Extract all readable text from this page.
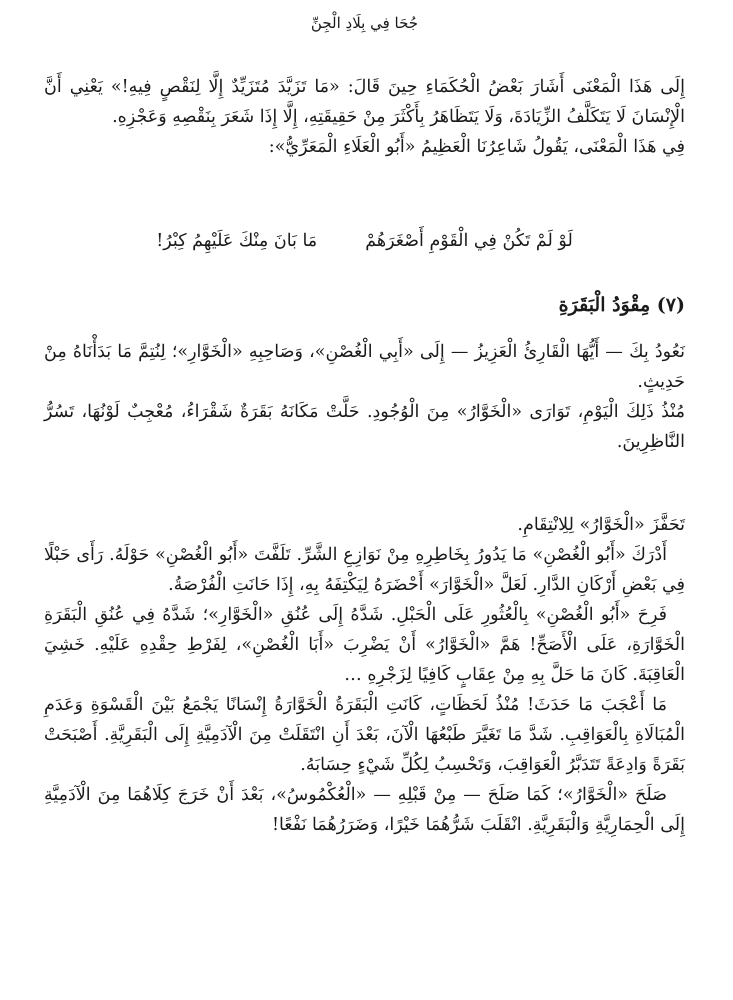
جُحَا فِي بِلَادِ الْجِنِّ

إِلَى هَذَا الْمَعْنَى أَشَارَ بَعْضُ الْحُكَمَاءِ حِينَ قَالَ: «مَا تَزَيَّدَ مُتَزَيِّدٌ إِلَّا لِنَقْصٍ فِيهِ!» يَعْنِي أَنَّ الْإِنْسَانَ لَا يَتَكَلَّفُ الزِّيَادَةَ، وَلَا يَتَظَاهَرُ بِأَكْثَرَ مِنْ حَقِيقَتِهِ، إِلَّا إِذَا شَعَرَ بِنَقْصِهِ وَعَجْزِهِ.

فِي هَذَا الْمَعْنَى، يَقُولُ شَاعِرُنَا الْعَظِيمُ «أَبُو الْعَلَاءِ الْمَعَرِّيُّ»:

لَوْ لَمْ تَكُنْ فِي الْقَوْمِ أَصْغَرَهُمْ
مَا بَانَ مِنْكَ عَلَيْهِمُ كِبْرُ!
(٧) مِقْوَدُ الْبَقَرَةِ

نَعُودُ بِكَ — أَيُّهَا الْقَارِئُ الْعَزِيزُ — إِلَى «أَبِي الْغُصْنِ»، وَصَاحِبِهِ «الْخَوَّارِ»؛ لِنُتِمَّ مَا بَدَأْنَاهُ مِنْ حَدِيثٍ.

مُنْذُ ذَلِكَ الْيَوْمِ، تَوَارَى «الْخَوَّارُ» مِنَ الْوُجُودِ. حَلَّتْ مَكَانَهُ بَقَرَةٌ شَقْرَاءُ، مُعْجِبٌ لَوْنُهَا، تَسُرُّ النَّاظِرِينَ.

تَحَفَّزَ «الْخَوَّارُ» لِلِانْتِقَامِ.

أَدْرَكَ «أَبُو الْغُصْنِ» مَا يَدُورُ بِخَاطِرِهِ مِنْ نَوَازِعِ الشَّرِّ. تَلَفَّتَ «أَبُو الْغُصْنِ» حَوْلَهُ. رَأَى حَبْلًا فِي بَعْضِ أَرْكَانِ الدَّارِ. لَعَلَّ «الْخَوَّارَ» أَحْضَرَهُ لِيَكْتِفَهُ بِهِ، إِذَا حَانَتِ الْفُرْصَةُ.

فَرِحَ «أَبُو الْغُصْنِ» بِالْعُثُورِ عَلَى الْحَبْلِ. شَدَّهُ إِلَى عُنُقِ «الْخَوَّارِ»؛ شَدَّهُ فِي عُنُقِ الْبَقَرَةِ الْخَوَّارَةِ، عَلَى الْأَصَحِّ! هَمَّ «الْخَوَّارُ» أَنْ يَضْرِبَ «أَبَا الْغُصْنِ»، لِفَرْطِ حِقْدِهِ عَلَيْهِ. خَشِيَ الْعَاقِبَةَ. كَانَ مَا حَلَّ بِهِ مِنْ عِقَابٍ كَافِيًا لِزَجْرِهِ …

مَا أَعْجَبَ مَا حَدَثَ! مُنْذُ لَحَظَاتٍ، كَانَتِ الْبَقَرَةُ الْخَوَّارَةُ إِنْسَانًا يَجْمَعُ بَيْنَ الْقَسْوَةِ وَعَدَمِ الْمُبَالَاةِ بِالْعَوَاقِبِ. شَدَّ مَا تَغَيَّرَ طَبْعُهَا الْآنَ، بَعْدَ أَنِ انْتَقَلَتْ مِنَ الْآدَمِيَّةِ إِلَى الْبَقَرِيَّةِ. أَصْبَحَتْ بَقَرَةً وَادِعَةً تَتَدَبَّرُ الْعَوَاقِبَ، وَتَحْسِبُ لِكُلِّ شَيْءٍ حِسَابَهُ.

صَلَحَ «الْخَوَّارُ»؛ كَمَا صَلَحَ — مِنْ قَبْلِهِ — «الْعُكْمُوسُ»، بَعْدَ أَنْ خَرَجَ كِلَاهُمَا مِنَ الْآدَمِيَّةِ إِلَى الْحِمَارِيَّةِ وَالْبَقَرِيَّةِ. انْقَلَبَ شَرُّهُمَا خَيْرًا، وَضَرَرُهُمَا نَفْعًا!
